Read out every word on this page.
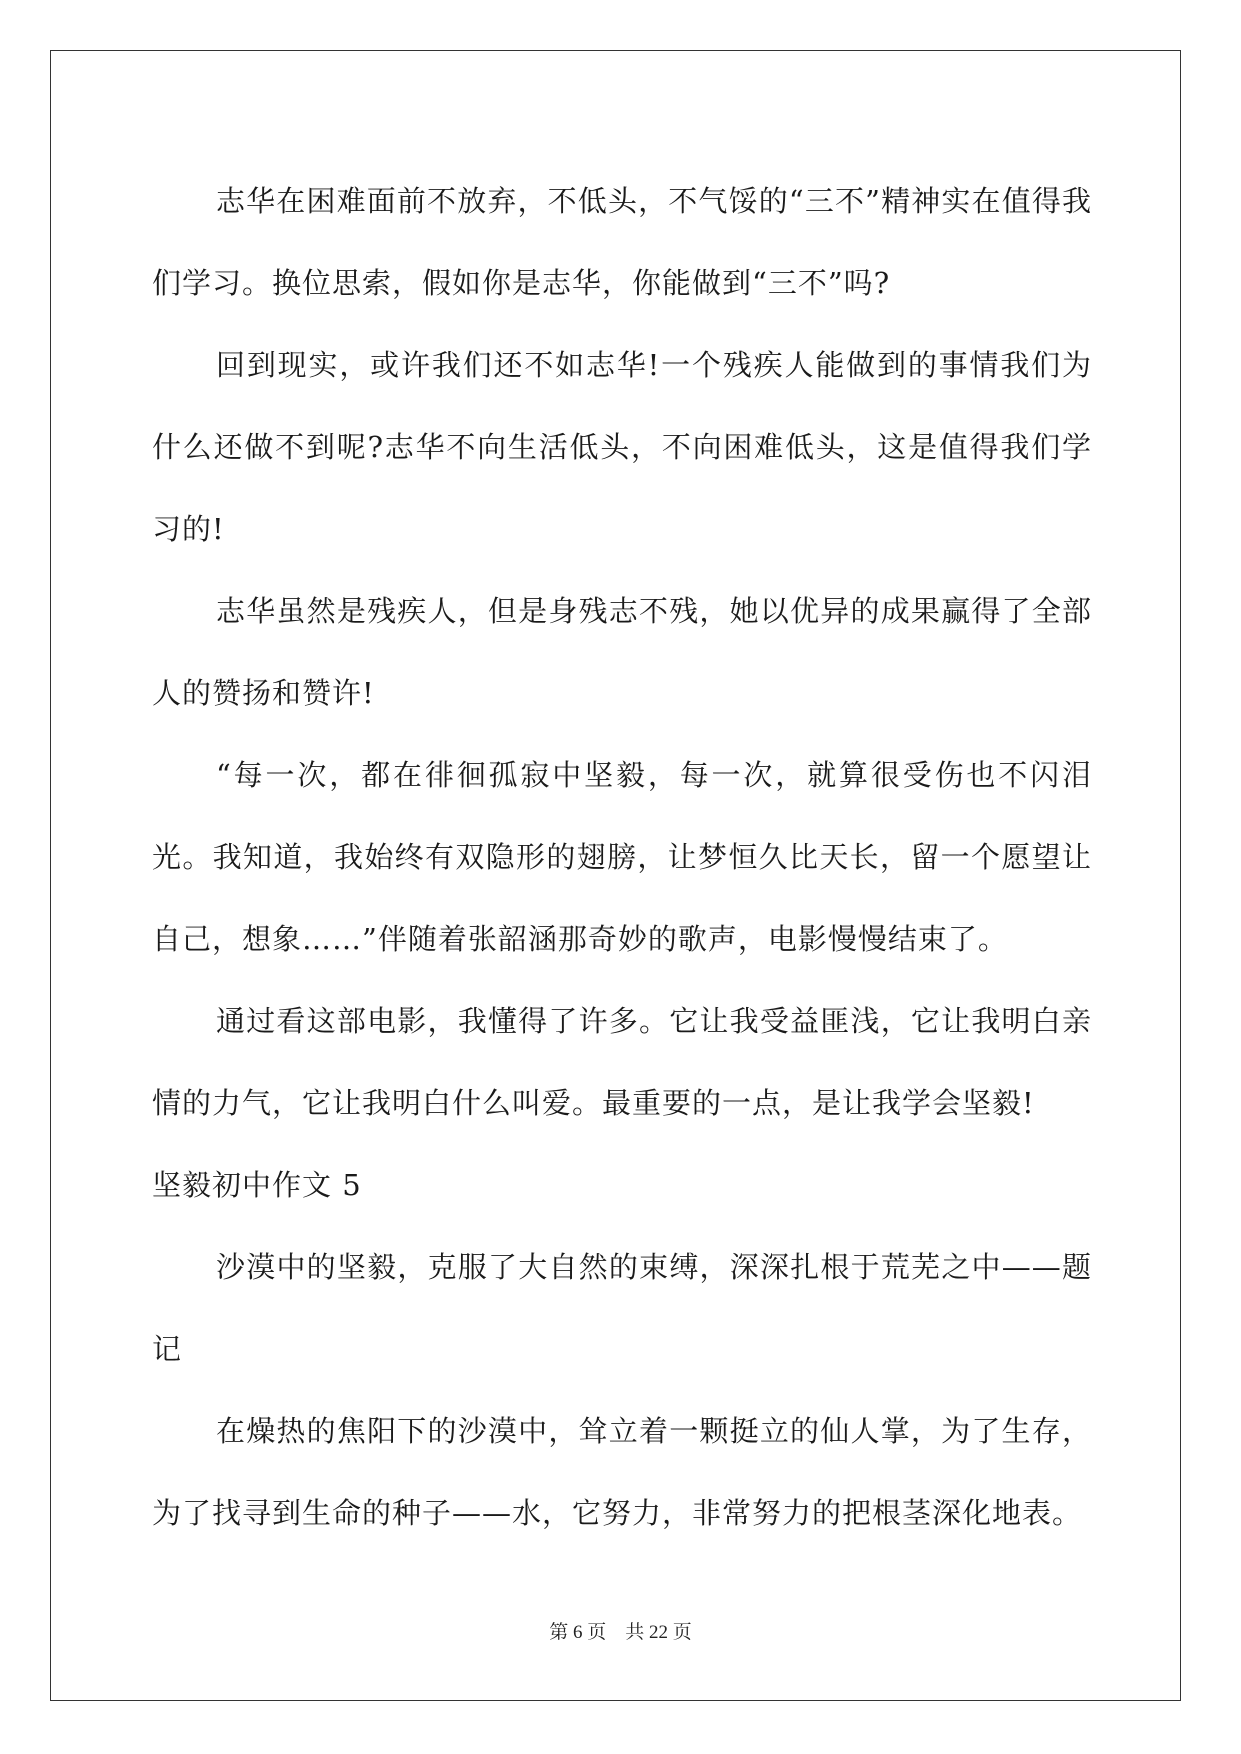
志华在困难面前不放弃，不低头，不气馁的“三不”精神实在值得我们学习。换位思索，假如你是志华，你能做到“三不”吗?

回到现实，或许我们还不如志华!一个残疾人能做到的事情我们为什么还做不到呢?志华不向生活低头，不向困难低头，这是值得我们学习的!

志华虽然是残疾人，但是身残志不残，她以优异的成果赢得了全部人的赞扬和赞许!

“每一次，都在徘徊孤寂中坚毅，每一次，就算很受伤也不闪泪光。我知道，我始终有双隐形的翅膀，让梦恒久比天长，留一个愿望让自己，想象……”伴随着张韶涵那奇妙的歌声，电影慢慢结束了。

通过看这部电影，我懂得了许多。它让我受益匪浅，它让我明白亲情的力气，它让我明白什么叫爱。最重要的一点，是让我学会坚毅!

坚毅初中作文 5

沙漠中的坚毅，克服了大自然的束缚，深深扎根于荒芜之中——题记

在燥热的焦阳下的沙漠中，耸立着一颗挺立的仙人掌，为了生存，为了找寻到生命的种子——水，它努力，非常努力的把根茎深化地表。

第 6 页 共 22 页
